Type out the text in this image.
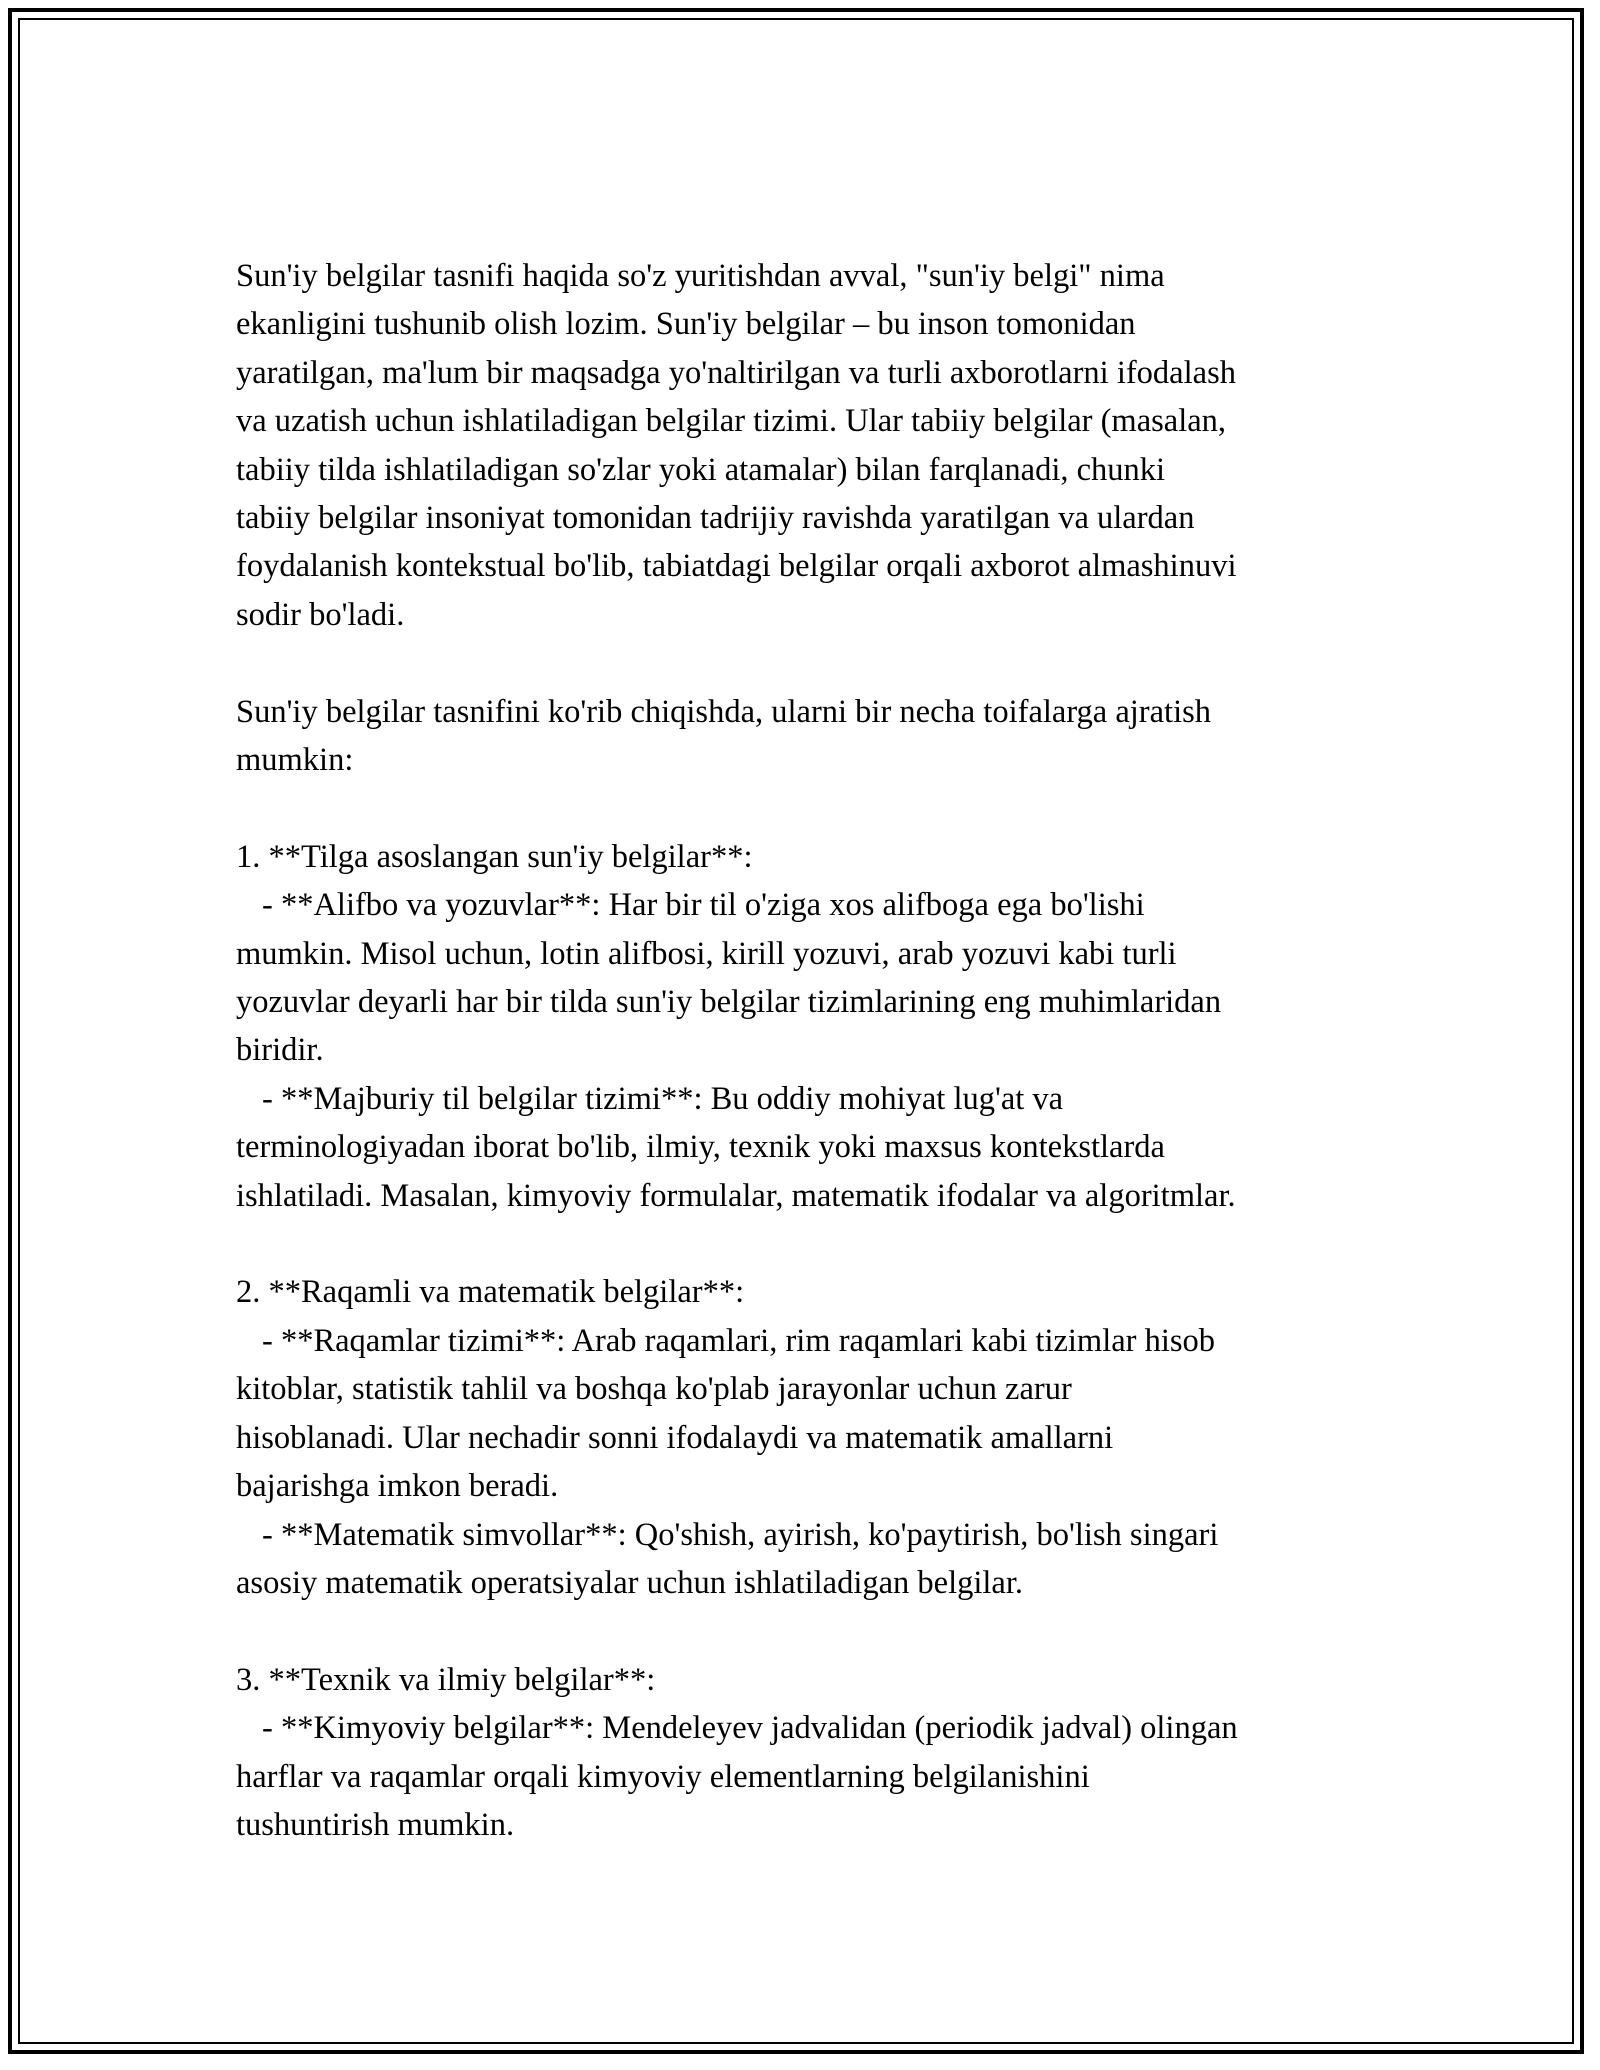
Sun'iy belgilar tasnifi haqida so'z yuritishdan avval, "sun'iy belgi" nima

ekanligini tushunib olish lozim. Sun'iy belgilar – bu inson tomonidan

yaratilgan, ma'lum bir maqsadga yo'naltirilgan va turli axborotlarni ifodalash

va uzatish uchun ishlatiladigan belgilar tizimi. Ular tabiiy belgilar (masalan,

tabiiy tilda ishlatiladigan so'zlar yoki atamalar) bilan farqlanadi, chunki

tabiiy belgilar insoniyat tomonidan tadrijiy ravishda yaratilgan va ulardan

foydalanish kontekstual bo'lib, tabiatdagi belgilar orqali axborot almashinuvi

sodir bo'ladi.

Sun'iy belgilar tasnifini ko'rib chiqishda, ularni bir necha toifalarga ajratish

mumkin:

1. **Tilga asoslangan sun'iy belgilar**:

- **Alifbo va yozuvlar**: Har bir til o'ziga xos alifboga ega bo'lishi

mumkin. Misol uchun, lotin alifbosi, kirill yozuvi, arab yozuvi kabi turli

yozuvlar deyarli har bir tilda sun'iy belgilar tizimlarining eng muhimlaridan

biridir.

- **Majburiy til belgilar tizimi**: Bu oddiy mohiyat lug'at va

terminologiyadan iborat bo'lib, ilmiy, texnik yoki maxsus kontekstlarda

ishlatiladi. Masalan, kimyoviy formulalar, matematik ifodalar va algoritmlar.

2. **Raqamli va matematik belgilar**:

- **Raqamlar tizimi**: Arab raqamlari, rim raqamlari kabi tizimlar hisob

kitoblar, statistik tahlil va boshqa ko'plab jarayonlar uchun zarur

hisoblanadi. Ular nechadir sonni ifodalaydi va matematik amallarni

bajarishga imkon beradi.

- **Matematik simvollar**: Qo'shish, ayirish, ko'paytirish, bo'lish singari

asosiy matematik operatsiyalar uchun ishlatiladigan belgilar.

3. **Texnik va ilmiy belgilar**:

- **Kimyoviy belgilar**: Mendeleyev jadvalidan (periodik jadval) olingan

harflar va raqamlar orqali kimyoviy elementlarning belgilanishini

tushuntirish mumkin.
